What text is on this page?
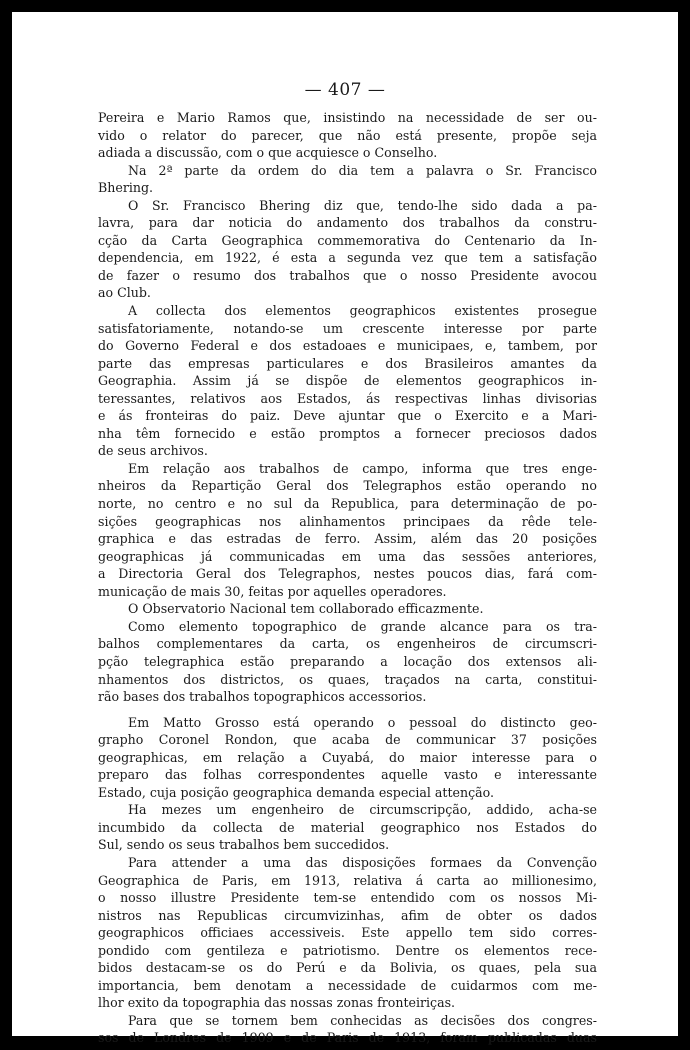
— 407 —
Pereira e Mario Ramos que, insistindo na necessidade de ser ou-
vido o relator do parecer, que não está presente, propõe seja
adiada a discussão, com o que acquiesce o Conselho.
Na 2ª parte da ordem do dia tem a palavra o Sr. Francisco
Bhering.
O Sr. Francisco Bhering diz que, tendo-lhe sido dada a pa-
lavra, para dar noticia do andamento dos trabalhos da constru-
cção da Carta Geographica commemorativa do Centenario da In-
dependencia, em 1922, é esta a segunda vez que tem a satisfação
de fazer o resumo dos trabalhos que o nosso Presidente avocou
ao Club.
A collecta dos elementos geographicos existentes prosegue
satisfatoriamente, notando-se um crescente interesse por parte
do Governo Federal e dos estadoaes e municipaes, e, tambem, por
parte das empresas particulares e dos Brasileiros amantes da
Geographia. Assim já se dispõe de elementos geographicos in-
teressantes, relativos aos Estados, ás respectivas linhas divisorias
e ás fronteiras do paiz. Deve ajuntar que o Exercito e a Mari-
nha têm fornecido e estão promptos a fornecer preciosos dados
de seus archivos.
Em relação aos trabalhos de campo, informa que tres enge-
nheiros da Repartição Geral dos Telegraphos estão operando no
norte, no centro e no sul da Republica, para determinação de po-
sições geographicas nos alinhamentos principaes da rêde tele-
graphica e das estradas de ferro. Assim, além das 20 posições
geographicas já communicadas em uma das sessões anteriores,
a Directoria Geral dos Telegraphos, nestes poucos dias, fará com-
municação de mais 30, feitas por aquelles operadores.
O Observatorio Nacional tem collaborado efficazmente.
Como elemento topographico de grande alcance para os tra-
balhos complementares da carta, os engenheiros de circumscri-
pção telegraphica estão preparando a locação dos extensos ali-
nhamentos dos districtos, os quaes, traçados na carta, constitui-
rão bases dos trabalhos topographicos accessorios.
Em Matto Grosso está operando o pessoal do distincto geo-
grapho Coronel Rondon, que acaba de communicar 37 posições
geographicas, em relação a Cuyabá, do maior interesse para o
preparo das folhas correspondentes aquelle vasto e interessante
Estado, cuja posição geographica demanda especial attenção.
Ha mezes um engenheiro de circumscripção, addido, acha-se
incumbido da collecta de material geographico nos Estados do
Sul, sendo os seus trabalhos bem succedidos.
Para attender a uma das disposições formaes da Convenção
Geographica de Paris, em 1913, relativa á carta ao millionesimo,
o nosso illustre Presidente tem-se entendido com os nossos Mi-
nistros nas Republicas circumvizinhas, afim de obter os dados
geographicos officiaes accessiveis. Este appello tem sido corres-
pondido com gentileza e patriotismo. Dentre os elementos rece-
bidos destacam-se os do Perú e da Bolivia, os quaes, pela sua
importancia, bem denotam a necessidade de cuidarmos com me-
lhor exito da topographia das nossas zonas fronteiriças.
Para que se tornem bem conhecidas as decisões dos congres-
sos de Londres de 1909 e de Paris de 1913, foram publicadas duas
